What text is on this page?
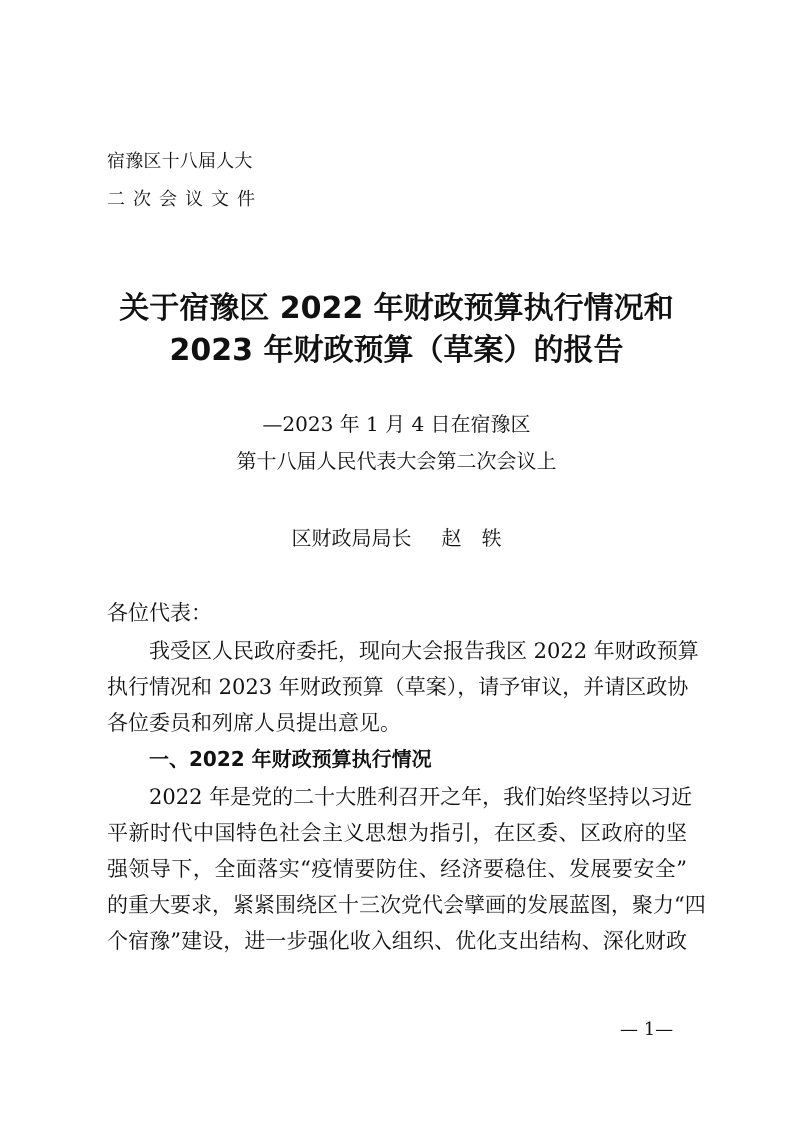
宿豫区十八届人大
二次会议文件
关于宿豫区 2022 年财政预算执行情况和
2023 年财政预算（草案）的报告
—2023 年 1 月 4 日在宿豫区
第十八届人民代表大会第二次会议上
区财政局局长 赵 轶
各位代表：
我受区人民政府委托，现向大会报告我区 2022 年财政预算
执行情况和 2023 年财政预算（草案），请予审议，并请区政协
各位委员和列席人员提出意见。
一、2022 年财政预算执行情况
2022 年是党的二十大胜利召开之年，我们始终坚持以习近
平新时代中国特色社会主义思想为指引，在区委、区政府的坚
强领导下，全面落实“疫情要防住、经济要稳住、发展要安全”
的重大要求，紧紧围绕区十三次党代会擘画的发展蓝图，聚力“四
个宿豫”建设，进一步强化收入组织、优化支出结构、深化财政
— 1—
